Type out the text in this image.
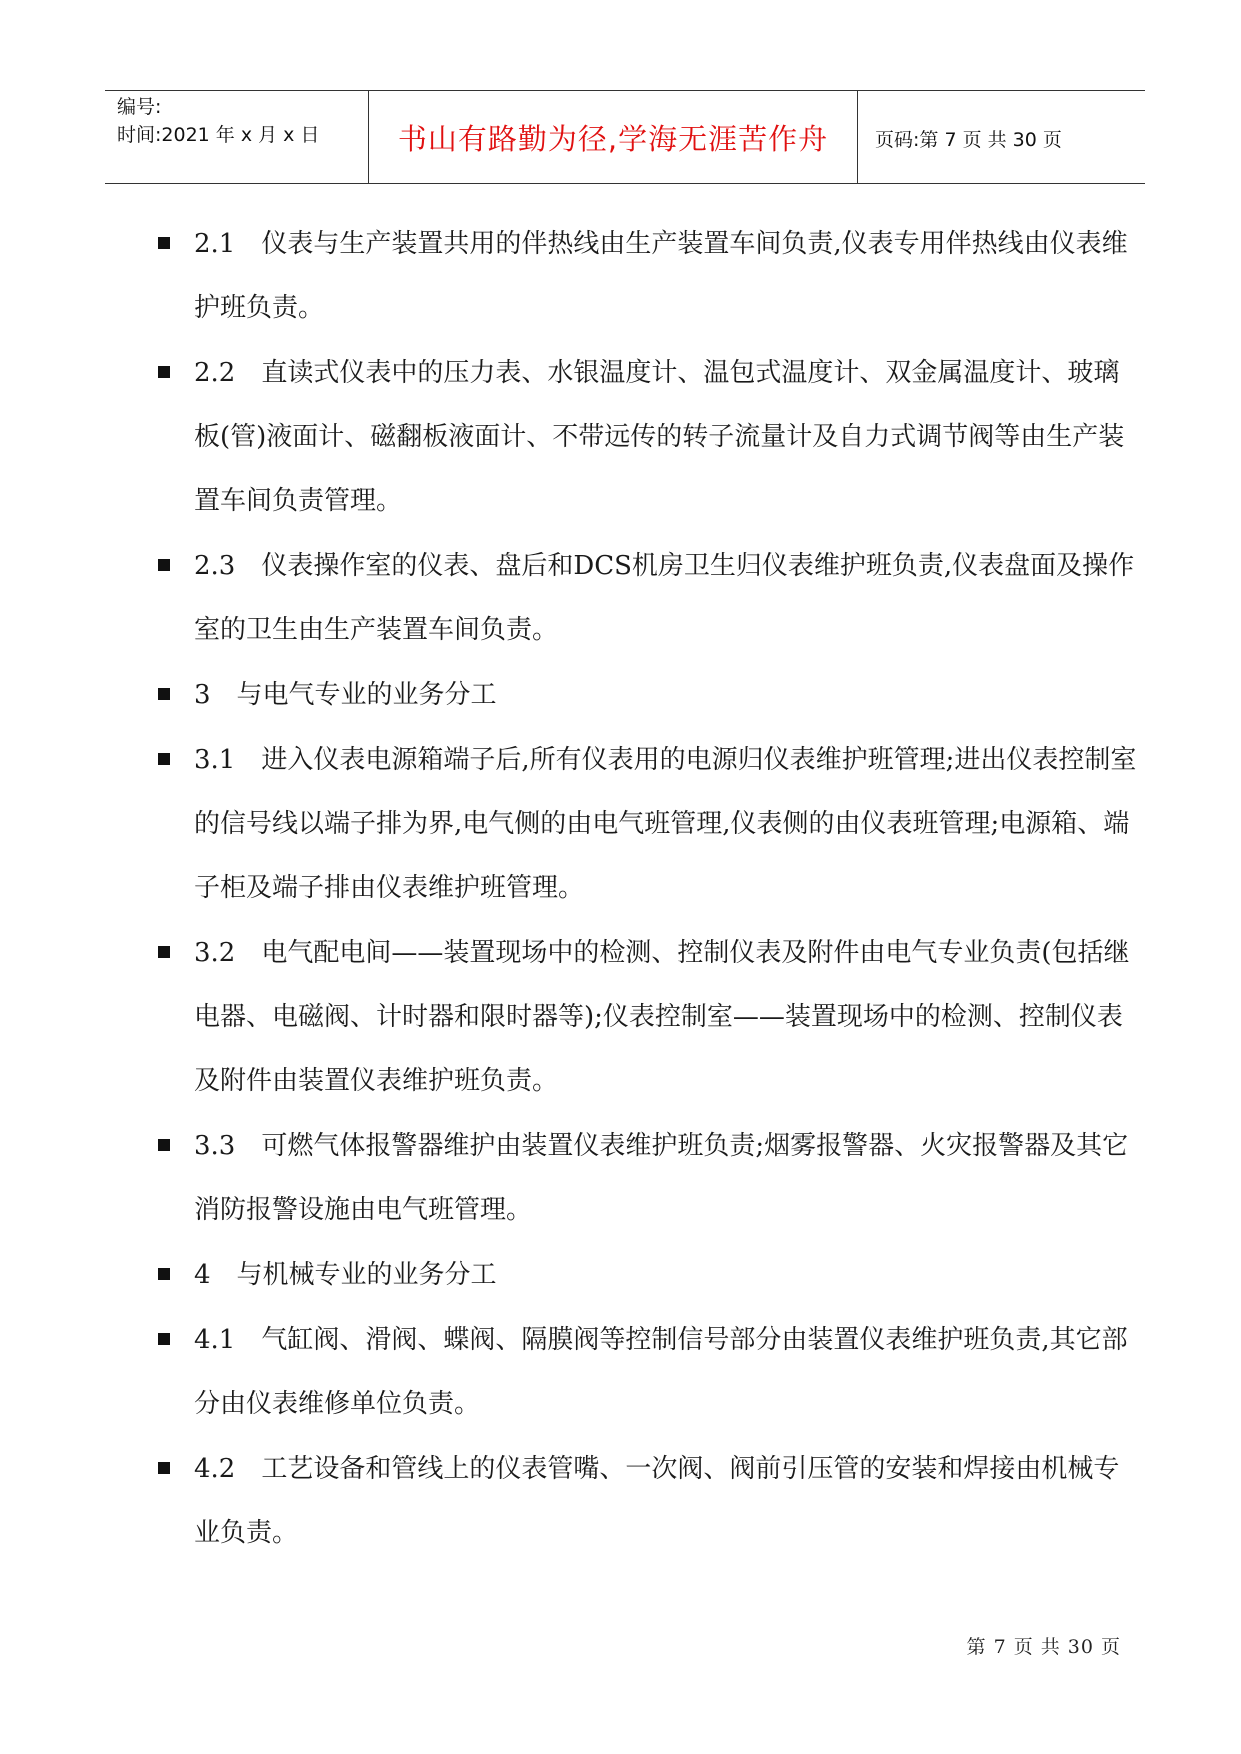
编号:
时间:2021 年 x 月 x 日	书山有路勤为径,学海无涯苦作舟	页码:第 7 页 共 30 页
2.1 仪表与生产装置共用的伴热线由生产装置车间负责,仪表专用伴热线由仪表维护班负责。
2.2 直读式仪表中的压力表、水银温度计、温包式温度计、双金属温度计、玻璃板(管)液面计、磁翻板液面计、不带远传的转子流量计及自力式调节阀等由生产装置车间负责管理。
2.3 仪表操作室的仪表、盘后和DCS机房卫生归仪表维护班负责,仪表盘面及操作室的卫生由生产装置车间负责。
3 与电气专业的业务分工
3.1 进入仪表电源箱端子后,所有仪表用的电源归仪表维护班管理;进出仪表控制室的信号线以端子排为界,电气侧的由电气班管理,仪表侧的由仪表班管理;电源箱、端子柜及端子排由仪表维护班管理。
3.2 电气配电间——装置现场中的检测、控制仪表及附件由电气专业负责(包括继电器、电磁阀、计时器和限时器等);仪表控制室——装置现场中的检测、控制仪表及附件由装置仪表维护班负责。
3.3 可燃气体报警器维护由装置仪表维护班负责;烟雾报警器、火灾报警器及其它消防报警设施由电气班管理。
4 与机械专业的业务分工
4.1 气缸阀、滑阀、蝶阀、隔膜阀等控制信号部分由装置仪表维护班负责,其它部分由仪表维修单位负责。
4.2 工艺设备和管线上的仪表管嘴、一次阀、阀前引压管的安装和焊接由机械专业负责。
第 7 页 共 30 页
